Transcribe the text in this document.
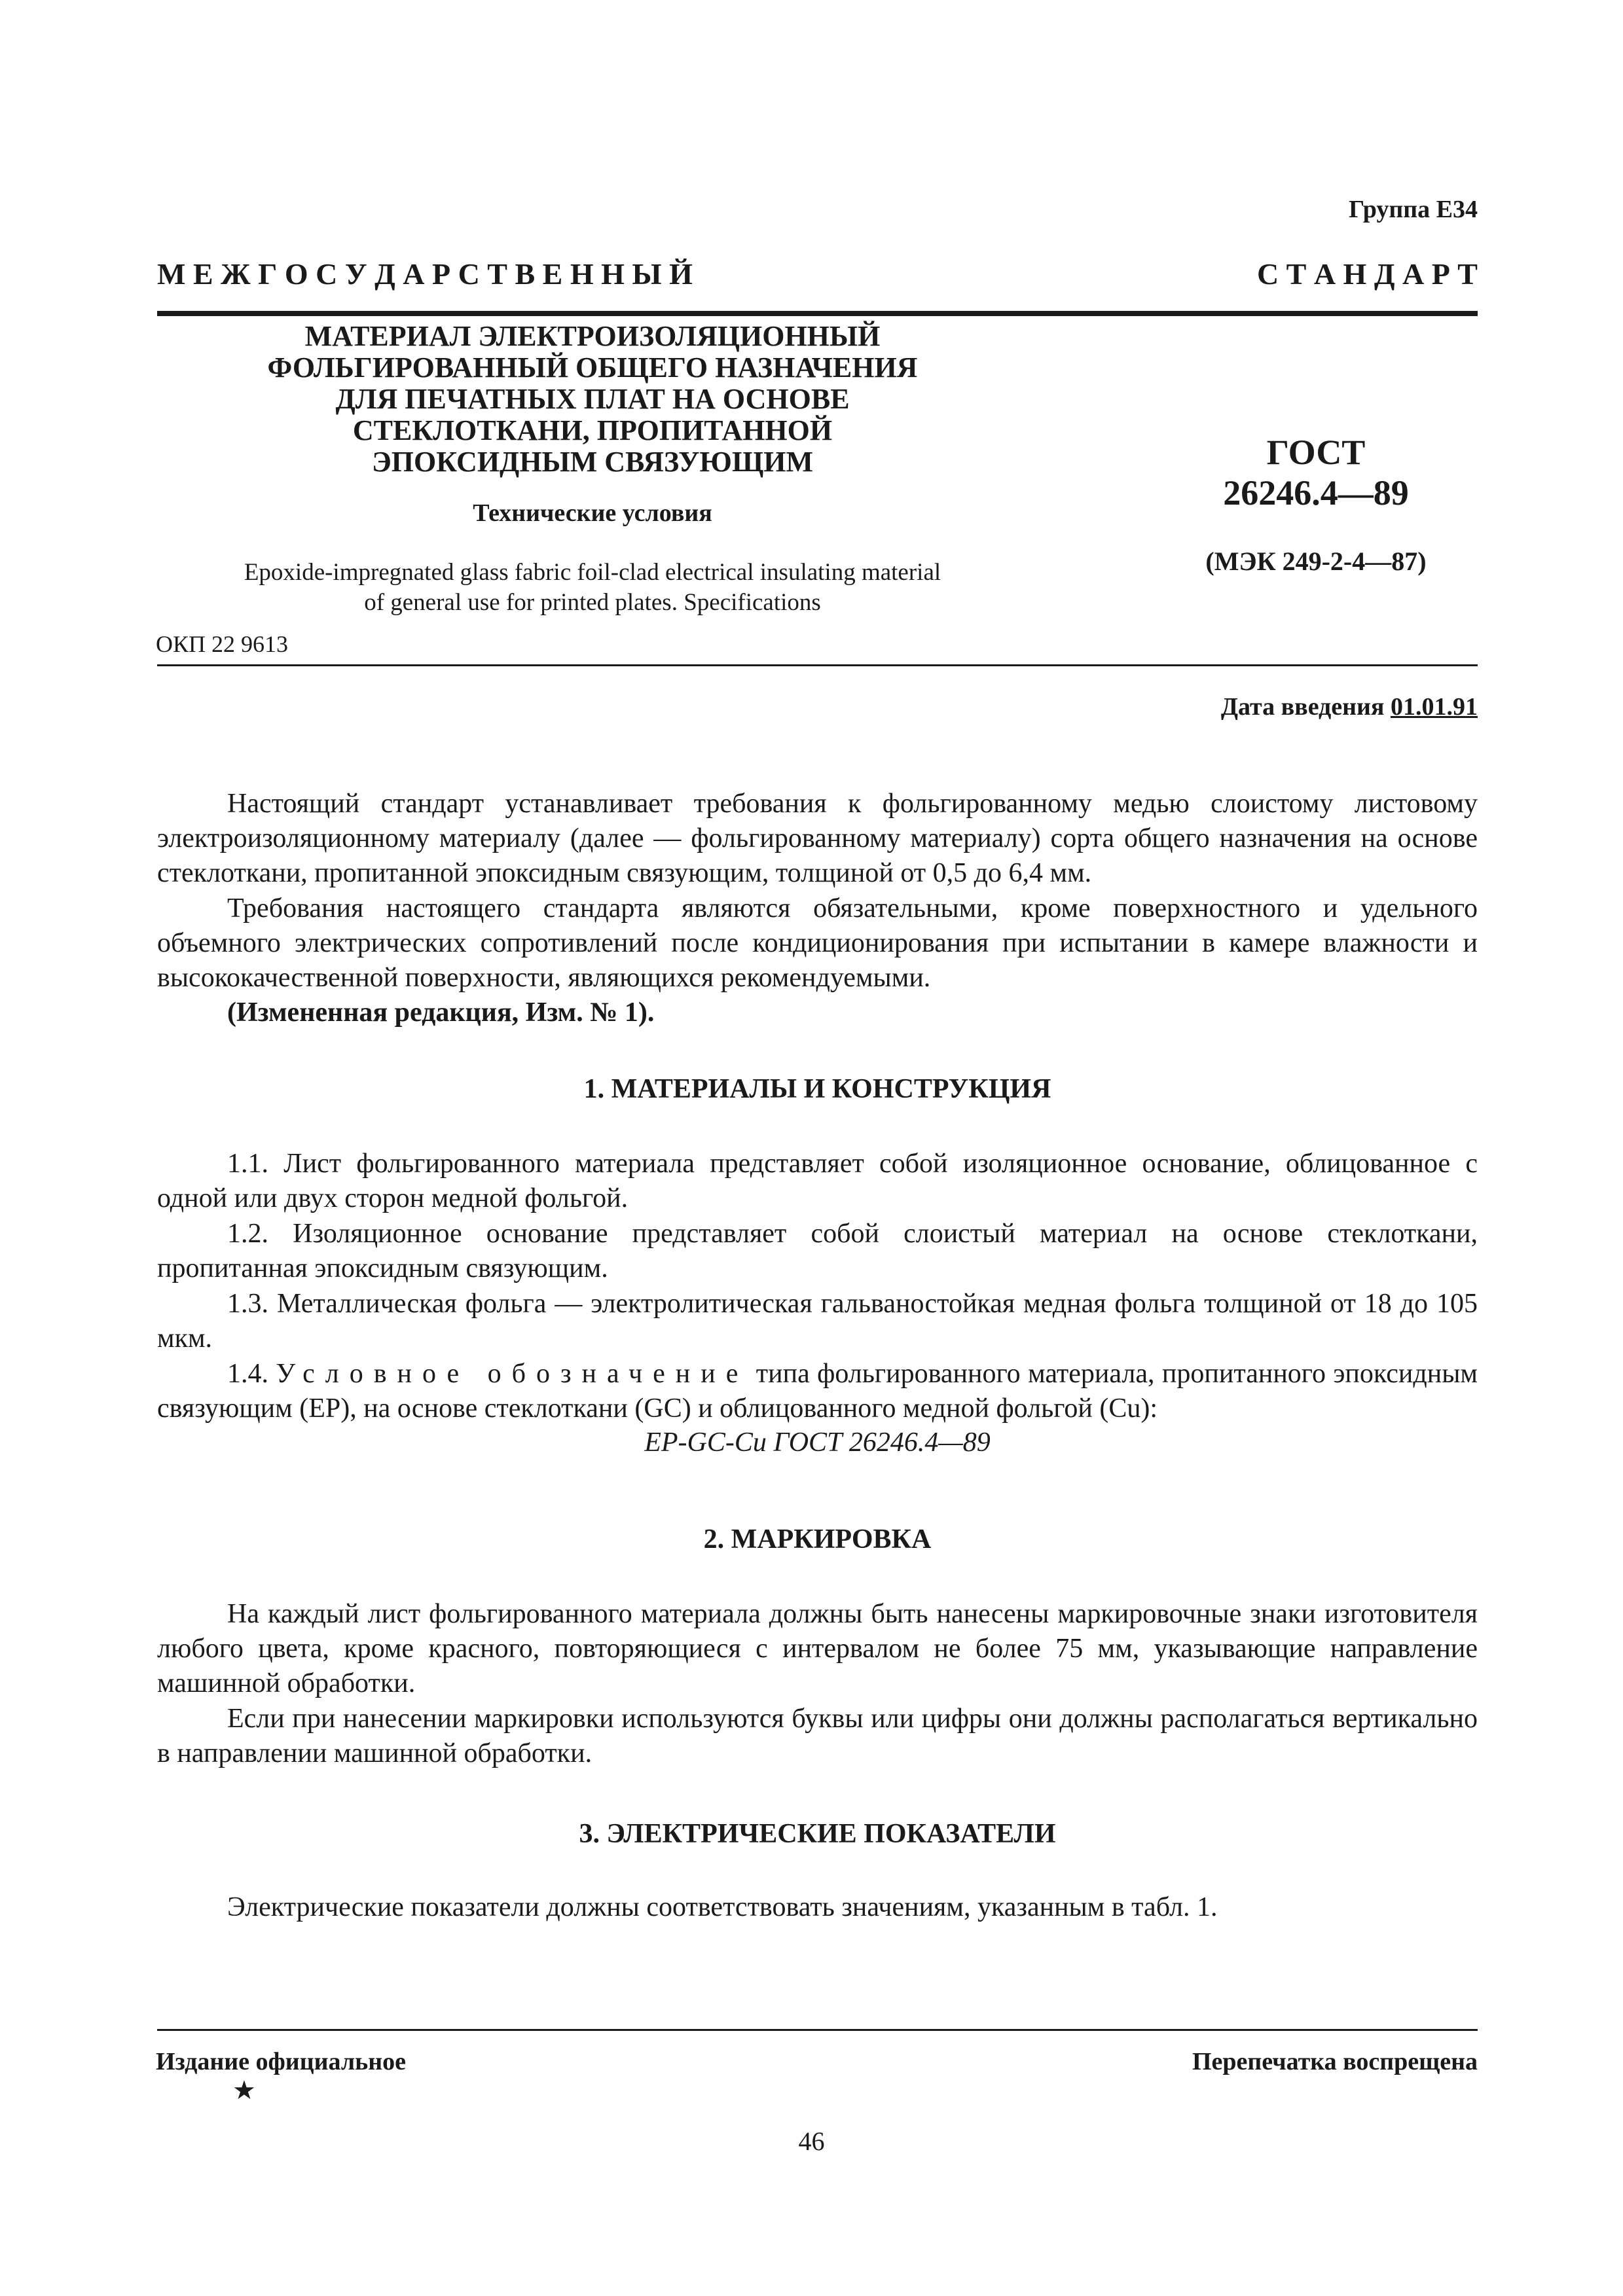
Группа Е34
М Е Ж Г О С У Д А Р С Т В Е Н Н Ы Й	С Т А Н Д А Р Т
МАТЕРИАЛ ЭЛЕКТРОИЗОЛЯЦИОННЫЙ
ФОЛЬГИРОВАННЫЙ ОБЩЕГО НАЗНАЧЕНИЯ
ДЛЯ ПЕЧАТНЫХ ПЛАТ НА ОСНОВЕ
СТЕКЛОТКАНИ, ПРОПИТАННОЙ
ЭПОКСИДНЫМ СВЯЗУЮЩИМ
Технические условия
Epoxide-impregnated glass fabric foil-clad electrical insulating material
of general use for printed plates. Specifications
ОКП 22 9613
ГОСТ
26246.4—89
(МЭК 249-2-4—87)
Дата введения 01.01.91

Настоящий стандарт устанавливает требования к фольгированному медью слоистому листовому электроизоляционному материалу (далее — фольгированному материалу) сорта общего назначения на основе стеклоткани, пропитанной эпоксидным связующим, толщиной от 0,5 до 6,4 мм.

Требования настоящего стандарта являются обязательными, кроме поверхностного и удельного объемного электрических сопротивлений после кондиционирования при испытании в камере влажности и высококачественной поверхности, являющихся рекомендуемыми.

(Измененная редакция, Изм. № 1).

1. МАТЕРИАЛЫ И КОНСТРУКЦИЯ

1.1. Лист фольгированного материала представляет собой изоляционное основание, облицованное с одной или двух сторон медной фольгой.

1.2. Изоляционное основание представляет собой слоистый материал на основе стеклоткани, пропитанная эпоксидным связующим.

1.3. Металлическая фольга — электролитическая гальваностойкая медная фольга толщиной от 18 до 105 мкм.

1.4. Условное обозначение типа фольгированного материала, пропитанного эпоксидным связующим (ЕР), на основе стеклоткани (GC) и облицованного медной фольгой (Cu):

EP-GC-Cu ГОСТ 26246.4—89
2. МАРКИРОВКА

На каждый лист фольгированного материала должны быть нанесены маркировочные знаки изготовителя любого цвета, кроме красного, повторяющиеся с интервалом не более 75 мм, указывающие направление машинной обработки.

Если при нанесении маркировки используются буквы или цифры они должны располагаться вертикально в направлении машинной обработки.

3. ЭЛЕКТРИЧЕСКИЕ ПОКАЗАТЕЛИ

Электрические показатели должны соответствовать значениям, указанным в табл. 1.

Издание официальное
★
Перепечатка воспрещена
46
